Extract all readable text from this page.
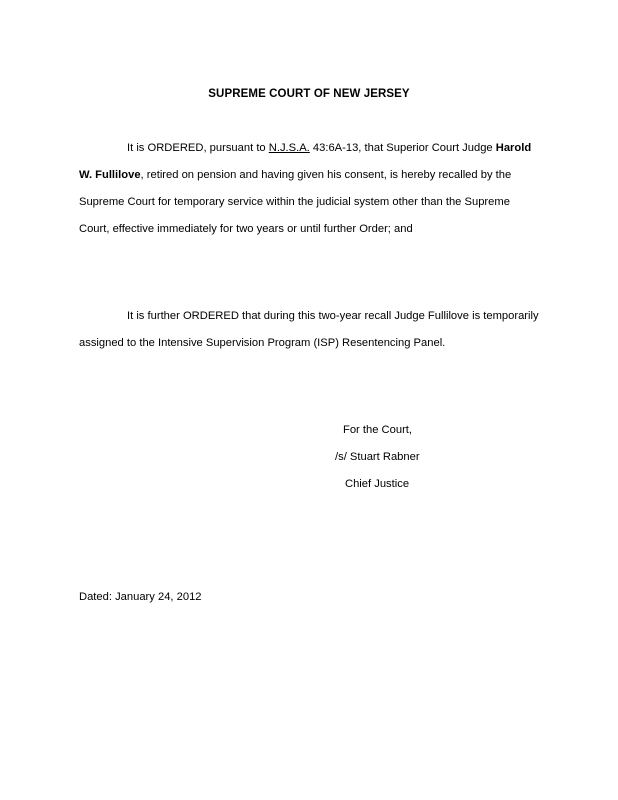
SUPREME COURT OF NEW JERSEY

It is ORDERED, pursuant to N.J.S.A. 43:6A-13, that Superior Court Judge Harold W. Fullilove, retired on pension and having given his consent, is hereby recalled by the Supreme Court for temporary service within the judicial system other than the Supreme Court, effective immediately for two years or until further Order; and

It is further ORDERED that during this two-year recall Judge Fullilove is temporarily assigned to the Intensive Supervision Program (ISP) Resentencing Panel.

For the Court,
/s/ Stuart Rabner
Chief Justice
Dated: January 24, 2012
